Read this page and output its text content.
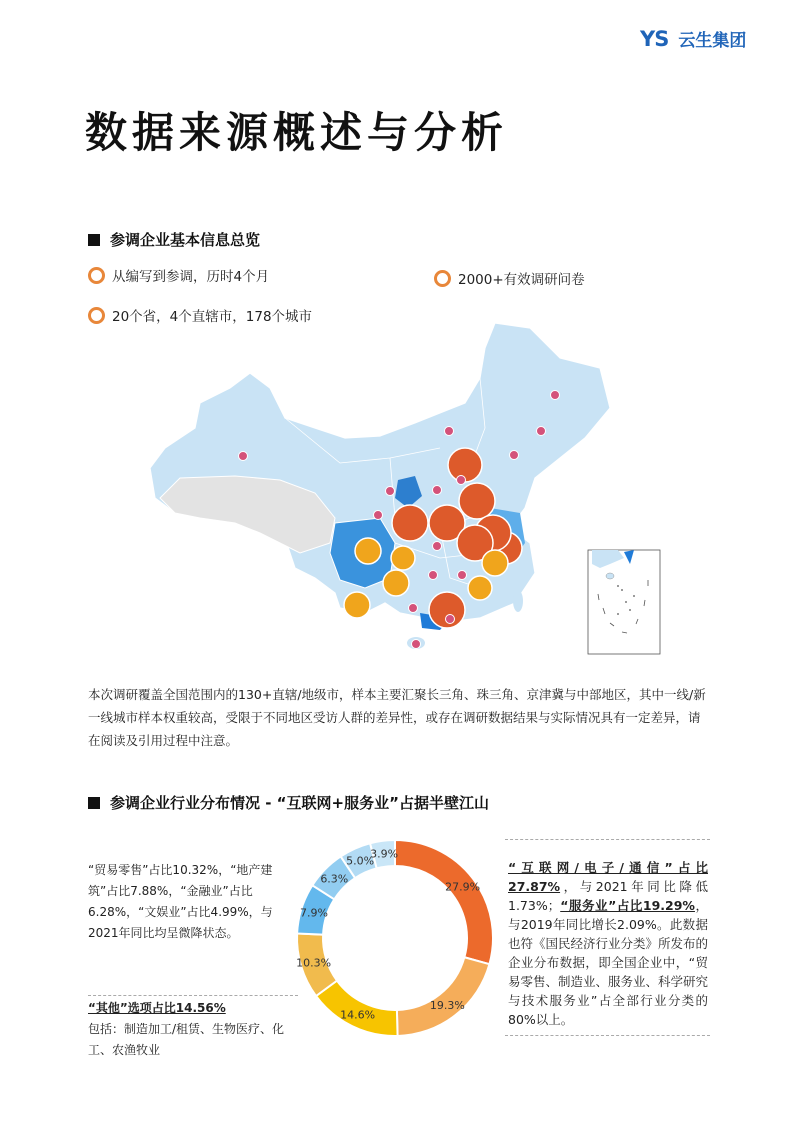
YS 云生集团
数据来源概述与分析
参调企业基本信息总览
从编写到参调，历时4个月	2000+有效调研问卷
20个省，4个直辖市，178个城市
本次调研覆盖全国范围内的130+直辖/地级市，样本主要汇聚长三角、珠三角、京津冀与中部地区，其中一线/新一线城市样本权重较高，受限于不同地区受访人群的差异性，或存在调研数据结果与实际情况具有一定差异，请在阅读及引用过程中注意。
参调企业行业分布情况 - “互联网+服务业”占据半壁江山
“贸易零售”占比10.32%，“地产建筑”占比7.88%，“金融业”占比6.28%，“文娱业”占比4.99%，与2021年同比均呈微降状态。
“其他”选项占比14.56%
包括：制造加工/租赁、生物医疗、化工、农渔牧业
27.9%
19.3%
14.6%
10.3%
7.9%
6.3%
5.0%
3.9%
“互联网/电子/通信”占比27.87%，与2021年同比降低1.73%；“服务业”占比19.29%，与2019年同比增长2.09%。此数据也符《国民经济行业分类》所发布的企业分布数据，即全国企业中，“贸易零售、制造业、服务业、科学研究与技术服务业”占全部行业分类的80%以上。
